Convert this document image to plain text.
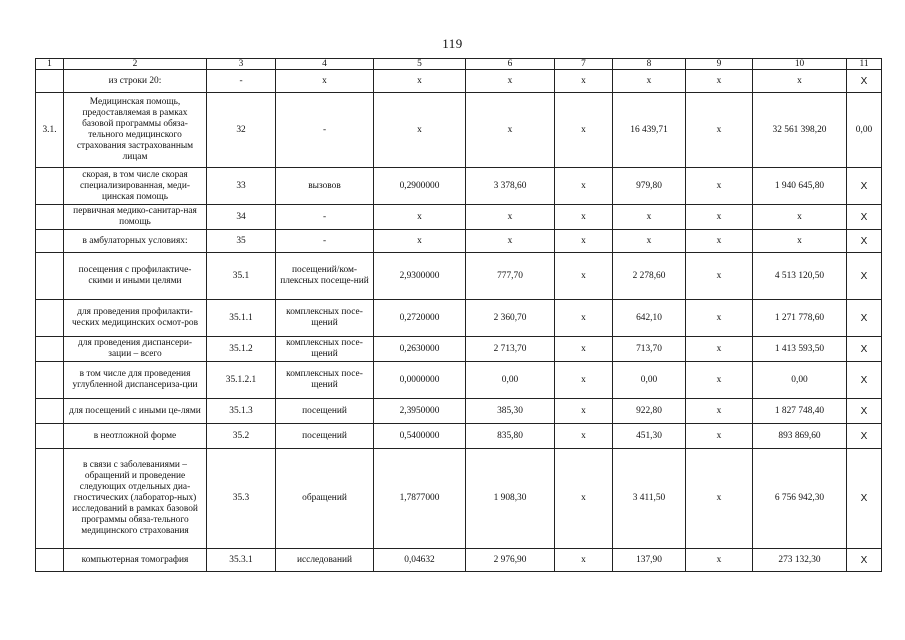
119
1	2	3	4	5	6	7	8	9	10	11
	из строки 20:	-	х	х	х	х	х	х	х	X
3.1.	Медицинская помощь, предоставляемая в рамках базовой программы обяза-тельного медицинского страхования застрахованным лицам	32	-	х	х	х	16 439,71	х	32 561 398,20	0,00
	скорая, в том числе скорая специализированная, меди-цинская помощь	33	вызовов	0,2900000	3 378,60	х	979,80	х	1 940 645,80	X
	первичная медико-санитар-ная помощь	34	-	х	х	х	х	х	х	X
	в амбулаторных условиях:	35	-	х	х	х	х	х	х	X
	посещения с профилактиче-скими и иными целями	35.1	посещений/ком-плексных посеще-ний	2,9300000	777,70	х	2 278,60	х	4 513 120,50	X
	для проведения профилакти-ческих медицинских осмот-ров	35.1.1	комплексных посе-щений	0,2720000	2 360,70	х	642,10	х	1 271 778,60	X
	для проведения диспансери-зации – всего	35.1.2	комплексных посе-щений	0,2630000	2 713,70	х	713,70	х	1 413 593,50	X
	в том числе для проведения углубленной диспансериза-ции	35.1.2.1	комплексных посе-щений	0,0000000	0,00	х	0,00	х	0,00	X
	для посещений с иными це-лями	35.1.3	посещений	2,3950000	385,30	х	922,80	х	1 827 748,40	X
	в неотложной форме	35.2	посещений	0,5400000	835,80	х	451,30	х	893 869,60	X
	в связи с заболеваниями – обращений и проведение следующих отдельных диа-гностических (лаборатор-ных) исследований в рамках базовой программы обяза-тельного медицинского страхования	35.3	обращений	1,7877000	1 908,30	х	3 411,50	х	6 756 942,30	X
	компьютерная томография	35.3.1	исследований	0,04632	2 976,90	х	137,90	х	273 132,30	X
